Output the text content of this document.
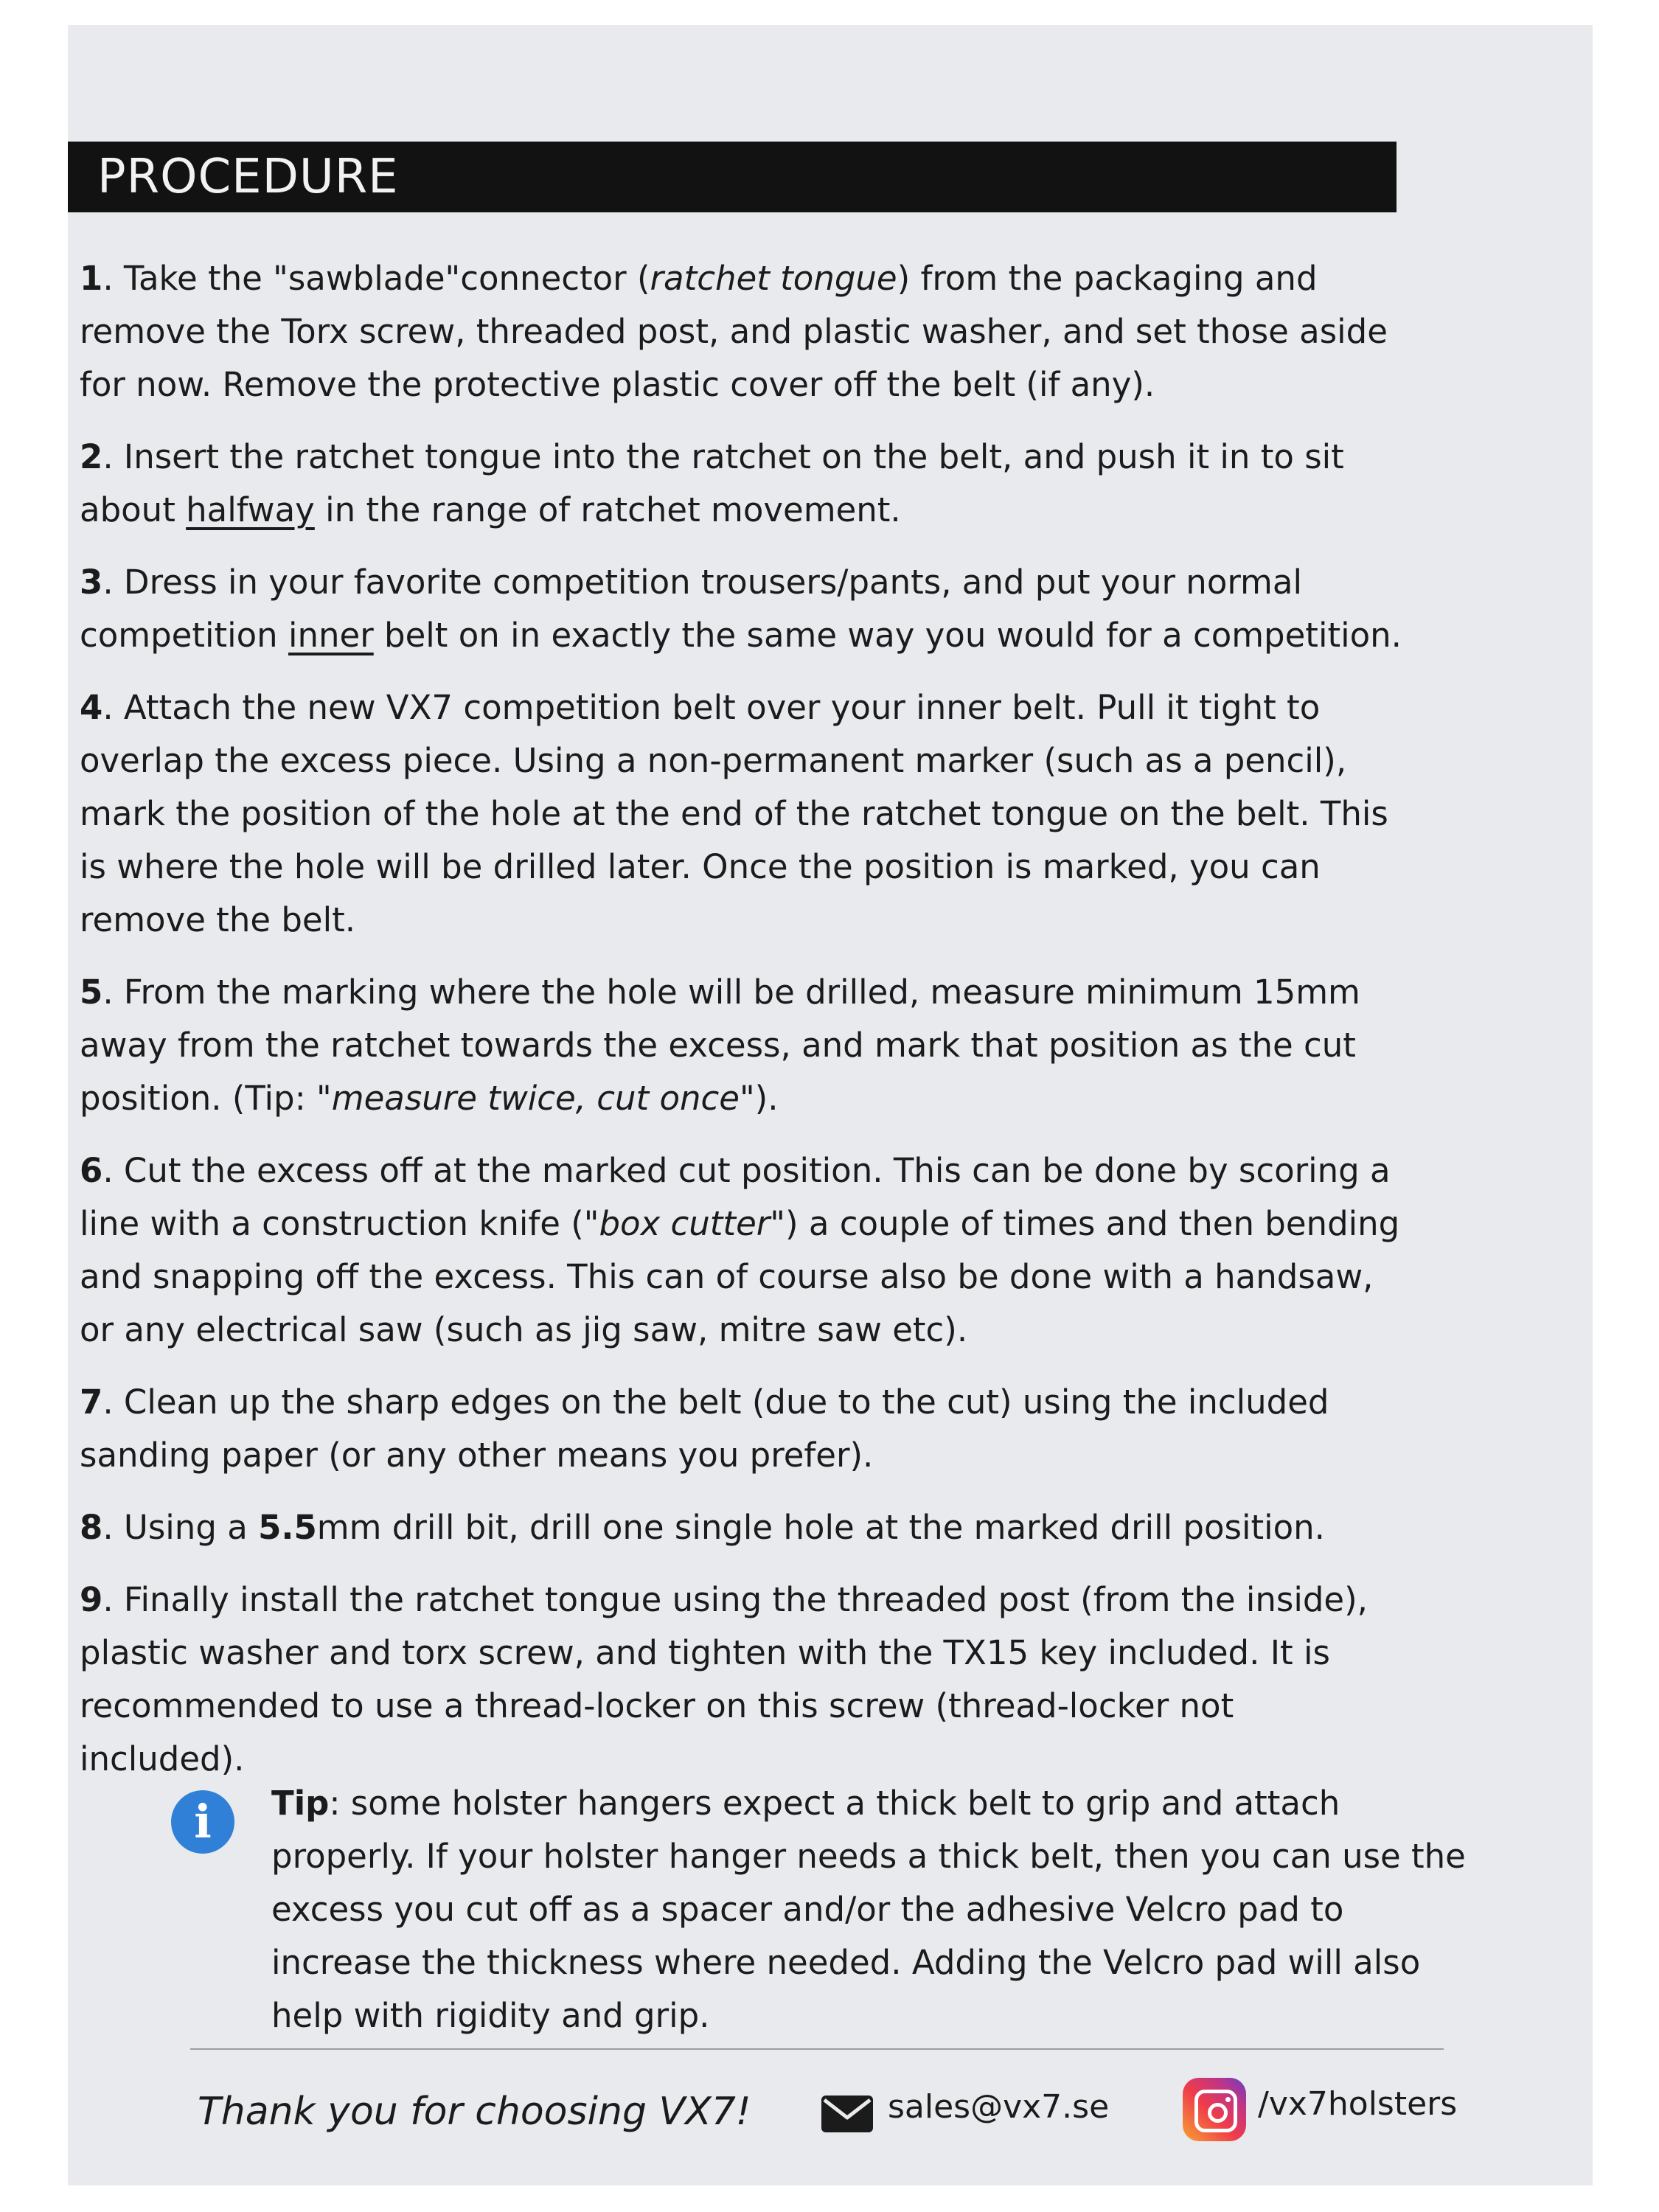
PROCEDURE

1. Take the "sawblade"connector (ratchet tongue) from the packaging and remove the Torx screw, threaded post, and plastic washer, and set those aside for now. Remove the protective plastic cover off the belt (if any).

2. Insert the ratchet tongue into the ratchet on the belt, and push it in to sit about halfway in the range of ratchet movement.

3. Dress in your favorite competition trousers/pants, and put your normal competition inner belt on in exactly the same way you would for a competition.

4. Attach the new VX7 competition belt over your inner belt. Pull it tight to overlap the excess piece. Using a non-permanent marker (such as a pencil), mark the position of the hole at the end of the ratchet tongue on the belt. This is where the hole will be drilled later. Once the position is marked, you can remove the belt.

5. From the marking where the hole will be drilled, measure minimum 15mm away from the ratchet towards the excess, and mark that position as the cut position. (Tip: "measure twice, cut once").

6. Cut the excess off at the marked cut position. This can be done by scoring a line with a construction knife ("box cutter") a couple of times and then bending and snapping off the excess. This can of course also be done with a handsaw, or any electrical saw (such as jig saw, mitre saw etc).

7. Clean up the sharp edges on the belt (due to the cut) using the included sanding paper (or any other means you prefer).

8. Using a 5.5mm drill bit, drill one single hole at the marked drill position.

9. Finally install the ratchet tongue using the threaded post (from the inside), plastic washer and torx screw, and tighten with the TX15 key included. It is recommended to use a thread-locker on this screw (thread-locker not included).

i	Tip: some holster hangers expect a thick belt to grip and attach properly. If your holster hanger needs a thick belt, then you can use the excess you cut off as a spacer and/or the adhesive Velcro pad to increase the thickness where needed. Adding the Velcro pad will also help with rigidity and grip.
Thank you for choosing VX7!	sales@vx7.se	/vx7holsters
